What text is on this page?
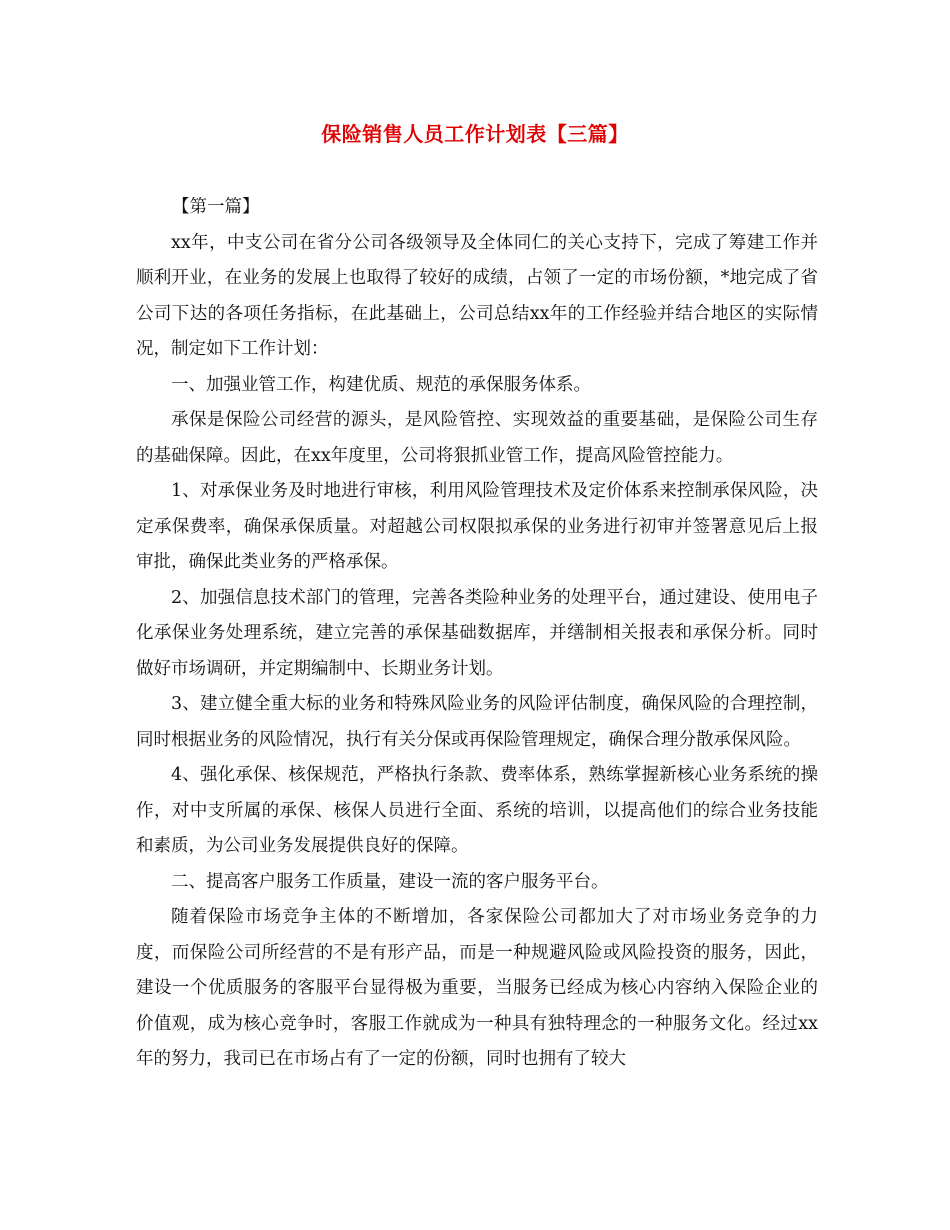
保险销售人员工作计划表【三篇】

【第一篇】

xx年，中支公司在省分公司各级领导及全体同仁的关心支持下，完成了筹建工作并顺利开业，在业务的发展上也取得了较好的成绩，占领了一定的市场份额，*地完成了省公司下达的各项任务指标，在此基础上，公司总结xx年的工作经验并结合地区的实际情况，制定如下工作计划：

一、加强业管工作，构建优质、规范的承保服务体系。

承保是保险公司经营的源头，是风险管控、实现效益的重要基础，是保险公司生存的基础保障。因此，在xx年度里，公司将狠抓业管工作，提高风险管控能力。

1、对承保业务及时地进行审核，利用风险管理技术及定价体系来控制承保风险，决定承保费率，确保承保质量。对超越公司权限拟承保的业务进行初审并签署意见后上报审批，确保此类业务的严格承保。

2、加强信息技术部门的管理，完善各类险种业务的处理平台，通过建设、使用电子化承保业务处理系统，建立完善的承保基础数据库，并缮制相关报表和承保分析。同时做好市场调研，并定期编制中、长期业务计划。

3、建立健全重大标的业务和特殊风险业务的风险评估制度，确保风险的合理控制，同时根据业务的风险情况，执行有关分保或再保险管理规定，确保合理分散承保风险。

4、强化承保、核保规范，严格执行条款、费率体系，熟练掌握新核心业务系统的操作，对中支所属的承保、核保人员进行全面、系统的培训，以提高他们的综合业务技能和素质，为公司业务发展提供良好的保障。

二、提高客户服务工作质量，建设一流的客户服务平台。

随着保险市场竞争主体的不断增加，各家保险公司都加大了对市场业务竞争的力度，而保险公司所经营的不是有形产品，而是一种规避风险或风险投资的服务，因此，建设一个优质服务的客服平台显得极为重要，当服务已经成为核心内容纳入保险企业的价值观，成为核心竞争时，客服工作就成为一种具有独特理念的一种服务文化。经过xx年的努力，我司已在市场占有了一定的份额，同时也拥有了较大
